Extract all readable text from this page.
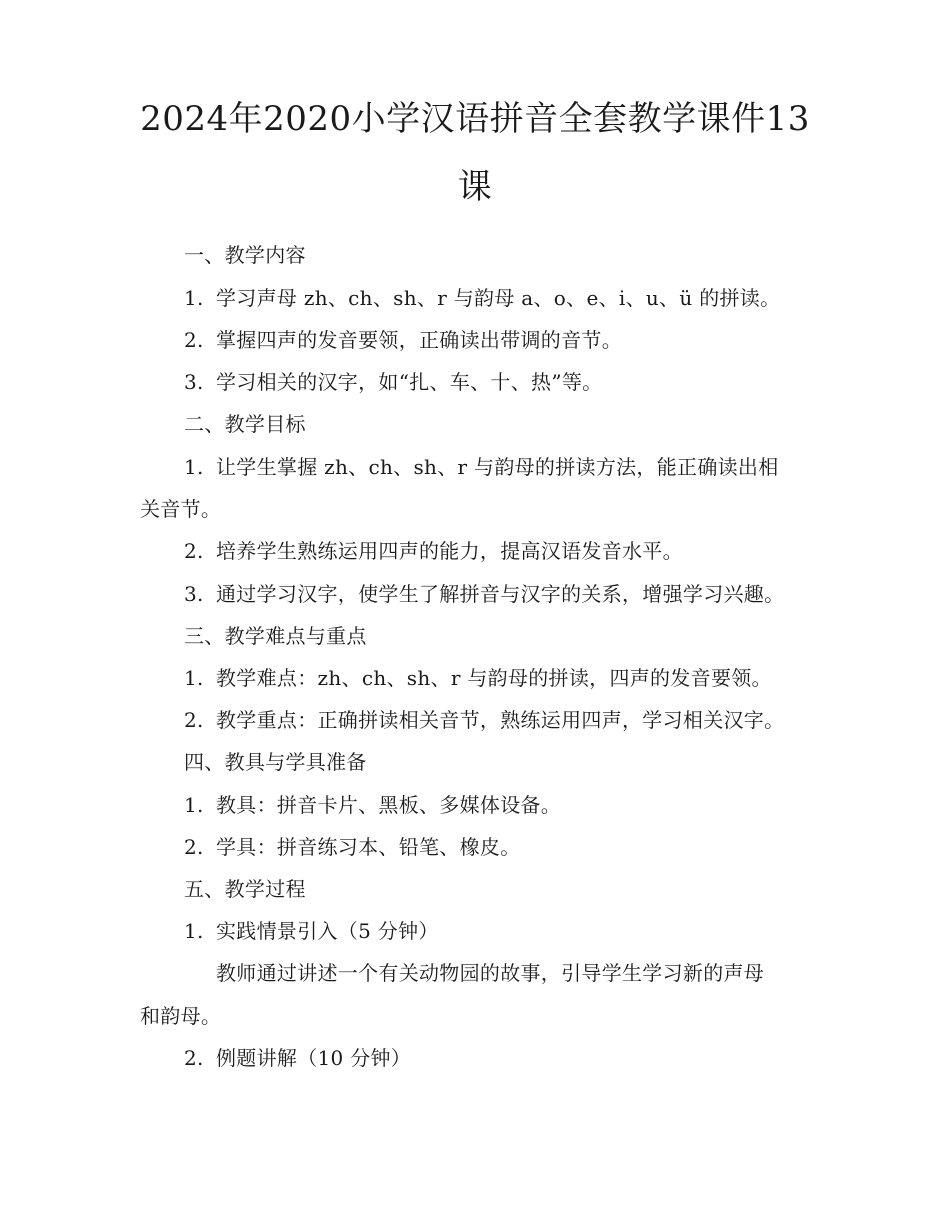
2024年2020小学汉语拼音全套教学课件13
课
一、教学内容
1. 学习声母 zh、ch、sh、r 与韵母 a、o、e、i、u、ü 的拼读。
2. 掌握四声的发音要领，正确读出带调的音节。
3. 学习相关的汉字，如“扎、车、十、热”等。
二、教学目标
1. 让学生掌握 zh、ch、sh、r 与韵母的拼读方法，能正确读出相
关音节。
2. 培养学生熟练运用四声的能力，提高汉语发音水平。
3. 通过学习汉字，使学生了解拼音与汉字的关系，增强学习兴趣。
三、教学难点与重点
1. 教学难点：zh、ch、sh、r 与韵母的拼读，四声的发音要领。
2. 教学重点：正确拼读相关音节，熟练运用四声，学习相关汉字。
四、教具与学具准备
1. 教具：拼音卡片、黑板、多媒体设备。
2. 学具：拼音练习本、铅笔、橡皮。
五、教学过程
1. 实践情景引入（5 分钟）
教师通过讲述一个有关动物园的故事，引导学生学习新的声母
和韵母。
2. 例题讲解（10 分钟）
